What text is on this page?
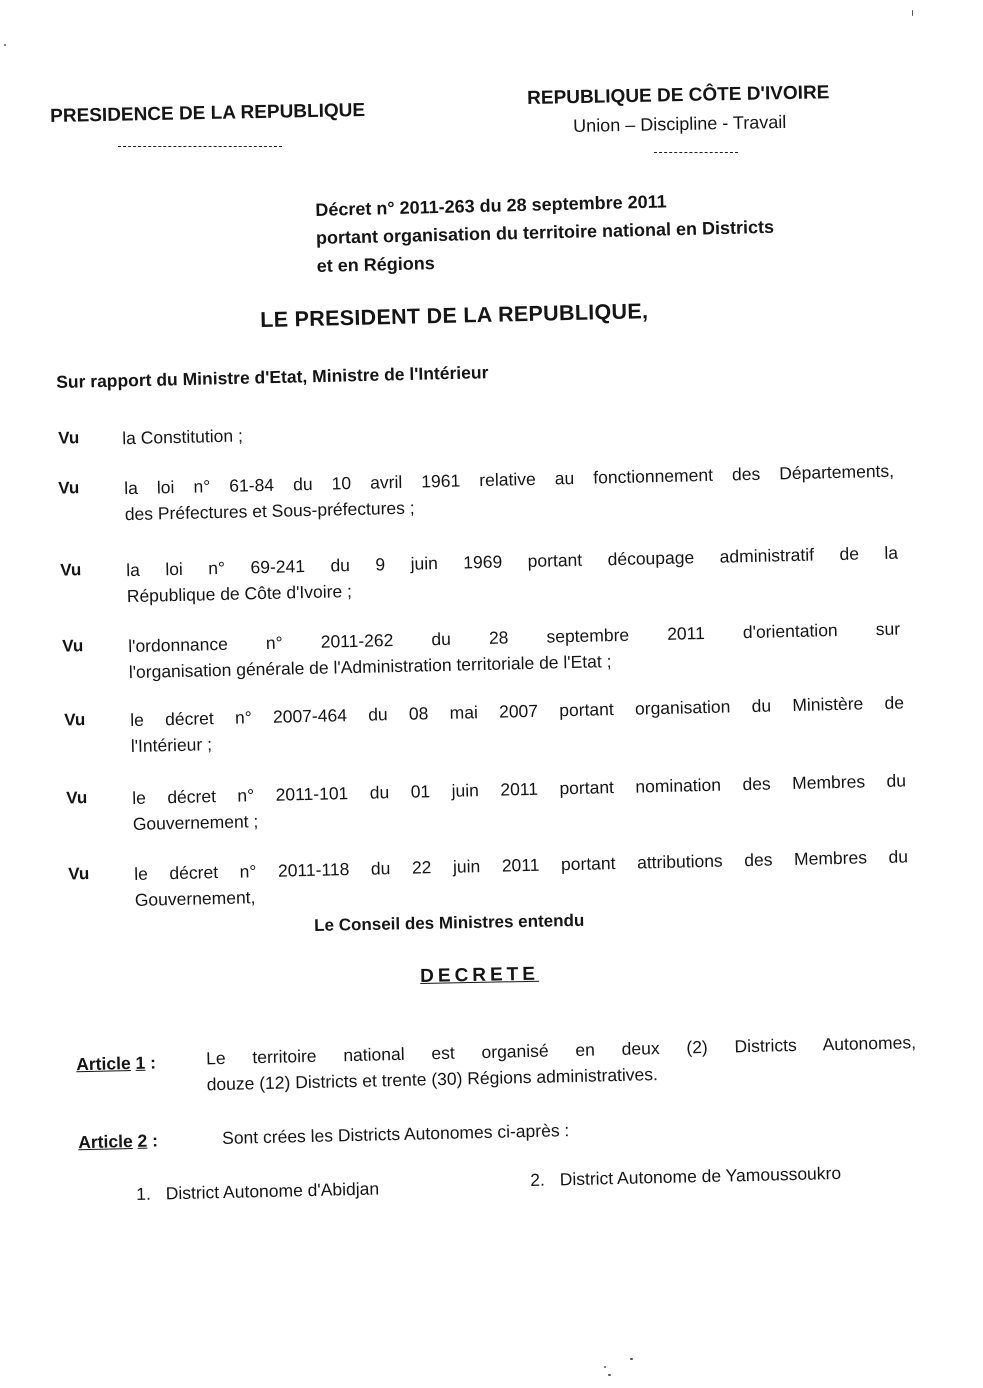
PRESIDENCE DE LA REPUBLIQUE
REPUBLIQUE DE CÔTE D'IVOIRE
Union – Discipline - Travail
Décret n° 2011-263 du 28 septembre 2011
portant organisation du territoire national en Districts
et en Régions
LE PRESIDENT DE LA REPUBLIQUE,
Sur rapport du Ministre d'Etat, Ministre de l'Intérieur
Vu la Constitution ;
Vu	la loi n° 61-84 du 10 avril 1961 relative au fonctionnement des Départements,
des Préfectures et Sous-préfectures ;
Vu	la loi n° 69-241 du 9 juin 1969 portant découpage administratif de la
République de Côte d'Ivoire ;
Vu	l'ordonnance n° 2011-262 du 28 septembre 2011 d'orientation sur
l'organisation générale de l'Administration territoriale de l'Etat ;
Vu	le décret n° 2007-464 du 08 mai 2007 portant organisation du Ministère de
l'Intérieur ;
Vu	le décret n° 2011-101 du 01 juin 2011 portant nomination des Membres du
Gouvernement ;
Vu	le décret n° 2011-118 du 22 juin 2011 portant attributions des Membres du
Gouvernement,
Le Conseil des Ministres entendu
DECRETE
Article 1 :	Le territoire national est organisé en deux (2) Districts Autonomes,
douze (12) Districts et trente (30) Régions administratives.
Article 2 :	Sont crées les Districts Autonomes ci-après :
1. District Autonome d'Abidjan	2. District Autonome de Yamoussoukro
